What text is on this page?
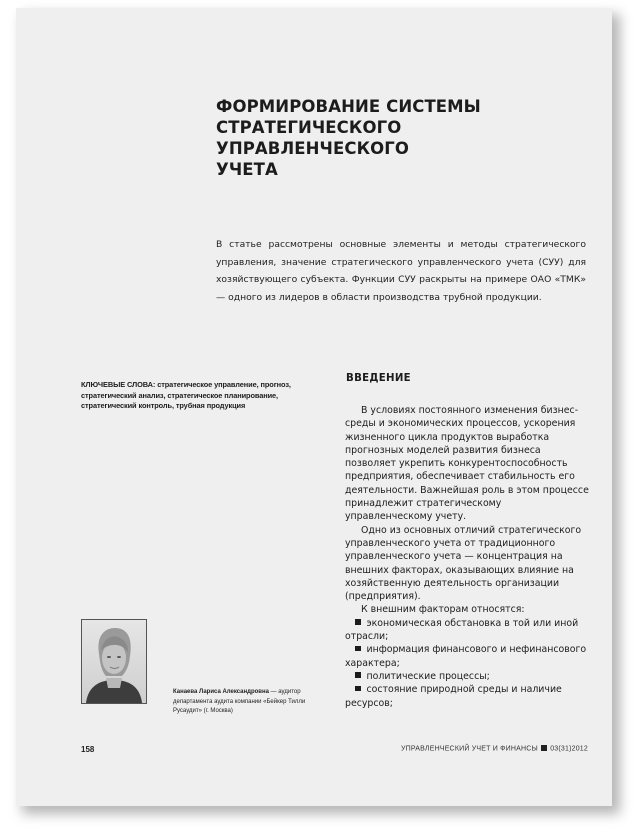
ФОРМИРОВАНИЕ СИСТЕМЫ
СТРАТЕГИЧЕСКОГО УПРАВЛЕНЧЕСКОГО
УЧЕТА

В статье рассмотрены основные элементы и методы стратегического управления, значение стратегического управленческого учета (СУУ) для хозяйствующего субъекта. Функции СУУ раскрыты на примере ОАО «ТМК» — одного из лидеров в области производства трубной продукции.

КЛЮЧЕВЫЕ СЛОВА: стратегическое управление, прогноз, стратегический анализ, стратегическое планирование, стратегический контроль, трубная продукция

Канаева Лариса Александровна — аудитор департамента аудита компании «Бейкер Тилли Русаудит» (г. Москва)

ВВЕДЕНИЕ

В условиях постоянного изменения бизнес-среды и экономических процессов, ускорения жизненного цикла продуктов выработка прогнозных моделей развития бизнеса позволяет укрепить конкурентоспособность предприятия, обеспечивает стабильность его деятельности. Важнейшая роль в этом процессе принадлежит стратегическому управленческому учету.

Одно из основных отличий стратегического управленческого учета от традиционного управленческого учета — концентрация на внешних факторах, оказывающих влияние на хозяйственную деятельность организации (предприятия).

К внешним факторам относятся:

экономическая обстановка в той или иной отрасли;

информация финансового и нефинансового характера;

политические процессы;

состояние природной среды и наличие ресурсов;

158	УПРАВЛЕНЧЕСКИЙ УЧЕТ И ФИНАНСЫ 03(31)2012
